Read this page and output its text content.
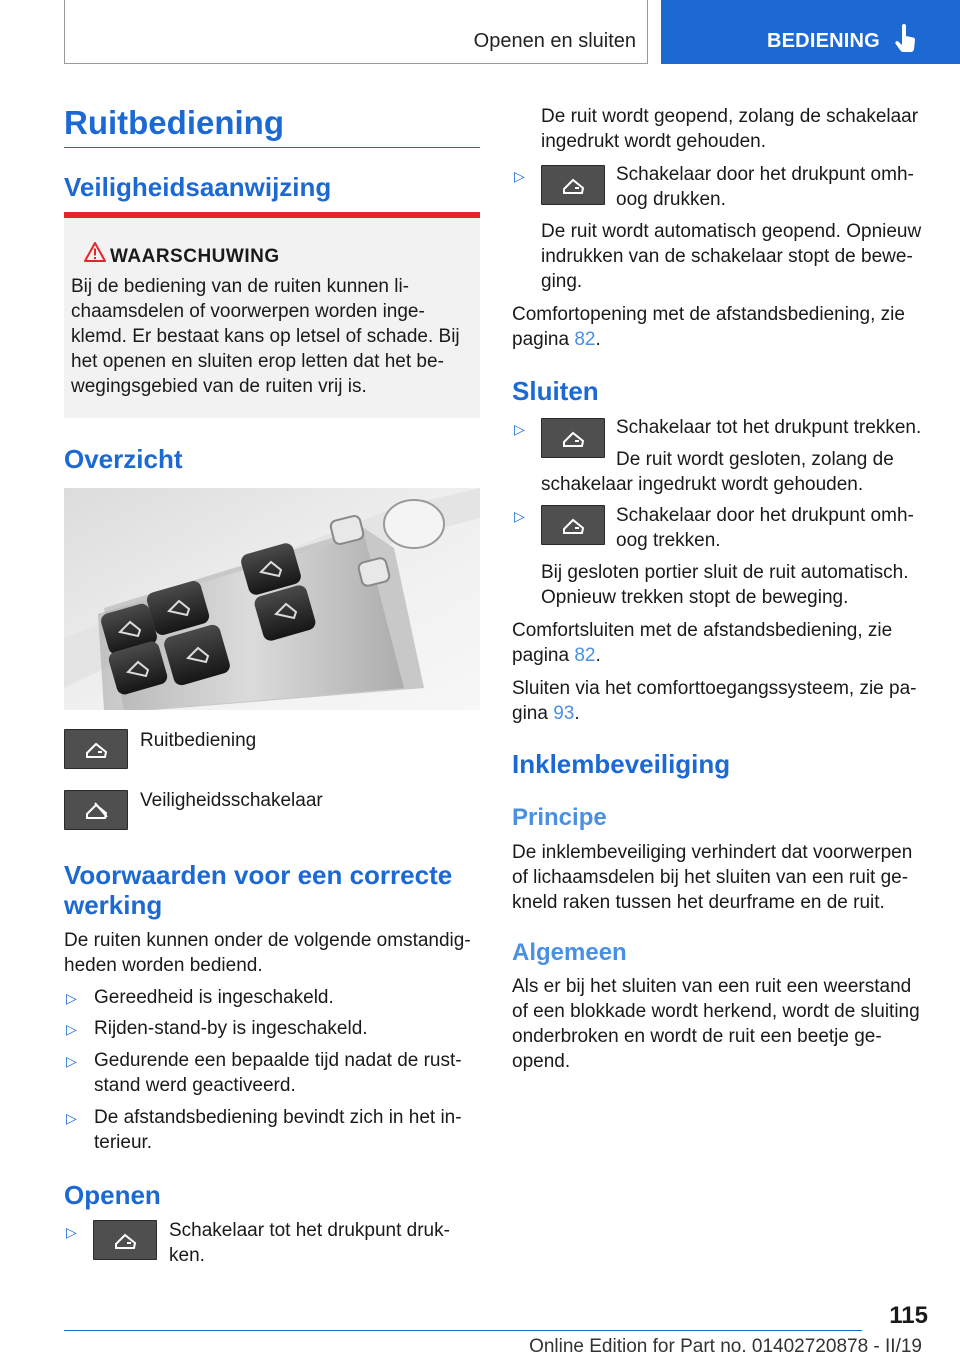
Openen en sluiten	BEDIENING
Ruitbediening
Veiligheidsaanwijzing
WAARSCHUWING
Bij de bediening van de ruiten kunnen li-
chaamsdelen of voorwerpen worden inge-
klemd. Er bestaat kans op letsel of schade. Bij
het openen en sluiten erop letten dat het be-
wegingsgebied van de ruiten vrij is.
Overzicht
Ruitbediening
Veiligheidsschakelaar
Voorwaarden voor een correcte
werking
De ruiten kunnen onder de volgende omstandig-
heden worden bediend.
▷ Gereedheid is ingeschakeld.
▷ Rijden-stand-by is ingeschakeld.
▷ Gedurende een bepaalde tijd nadat de rust-
stand werd geactiveerd.
▷ De afstandsbediening bevindt zich in het in-
terieur.
Openen
▷	Schakelaar tot het drukpunt druk-
ken.
De ruit wordt geopend, zolang de schakelaar
ingedrukt wordt gehouden.
▷	Schakelaar door het drukpunt omh-
oog drukken.
De ruit wordt automatisch geopend. Opnieuw
indrukken van de schakelaar stopt de bewe-
ging.
Comfortopening met de afstandsbediening, zie
pagina 82.
Sluiten
▷	Schakelaar tot het drukpunt trekken.
De ruit wordt gesloten, zolang de
schakelaar ingedrukt wordt gehouden.
▷	Schakelaar door het drukpunt omh-
oog trekken.
Bij gesloten portier sluit de ruit automatisch.
Opnieuw trekken stopt de beweging.
Comfortsluiten met de afstandsbediening, zie
pagina 82.
Sluiten via het comforttoegangssysteem, zie pa-
gina 93.
Inklembeveiliging
Principe
De inklembeveiliging verhindert dat voorwerpen
of lichaamsdelen bij het sluiten van een ruit ge-
kneld raken tussen het deurframe en de ruit.
Algemeen
Als er bij het sluiten van een ruit een weerstand
of een blokkade wordt herkend, wordt de sluiting
onderbroken en wordt de ruit een beetje ge-
opend.
115
Online Edition for Part no. 01402720878 - II/19
